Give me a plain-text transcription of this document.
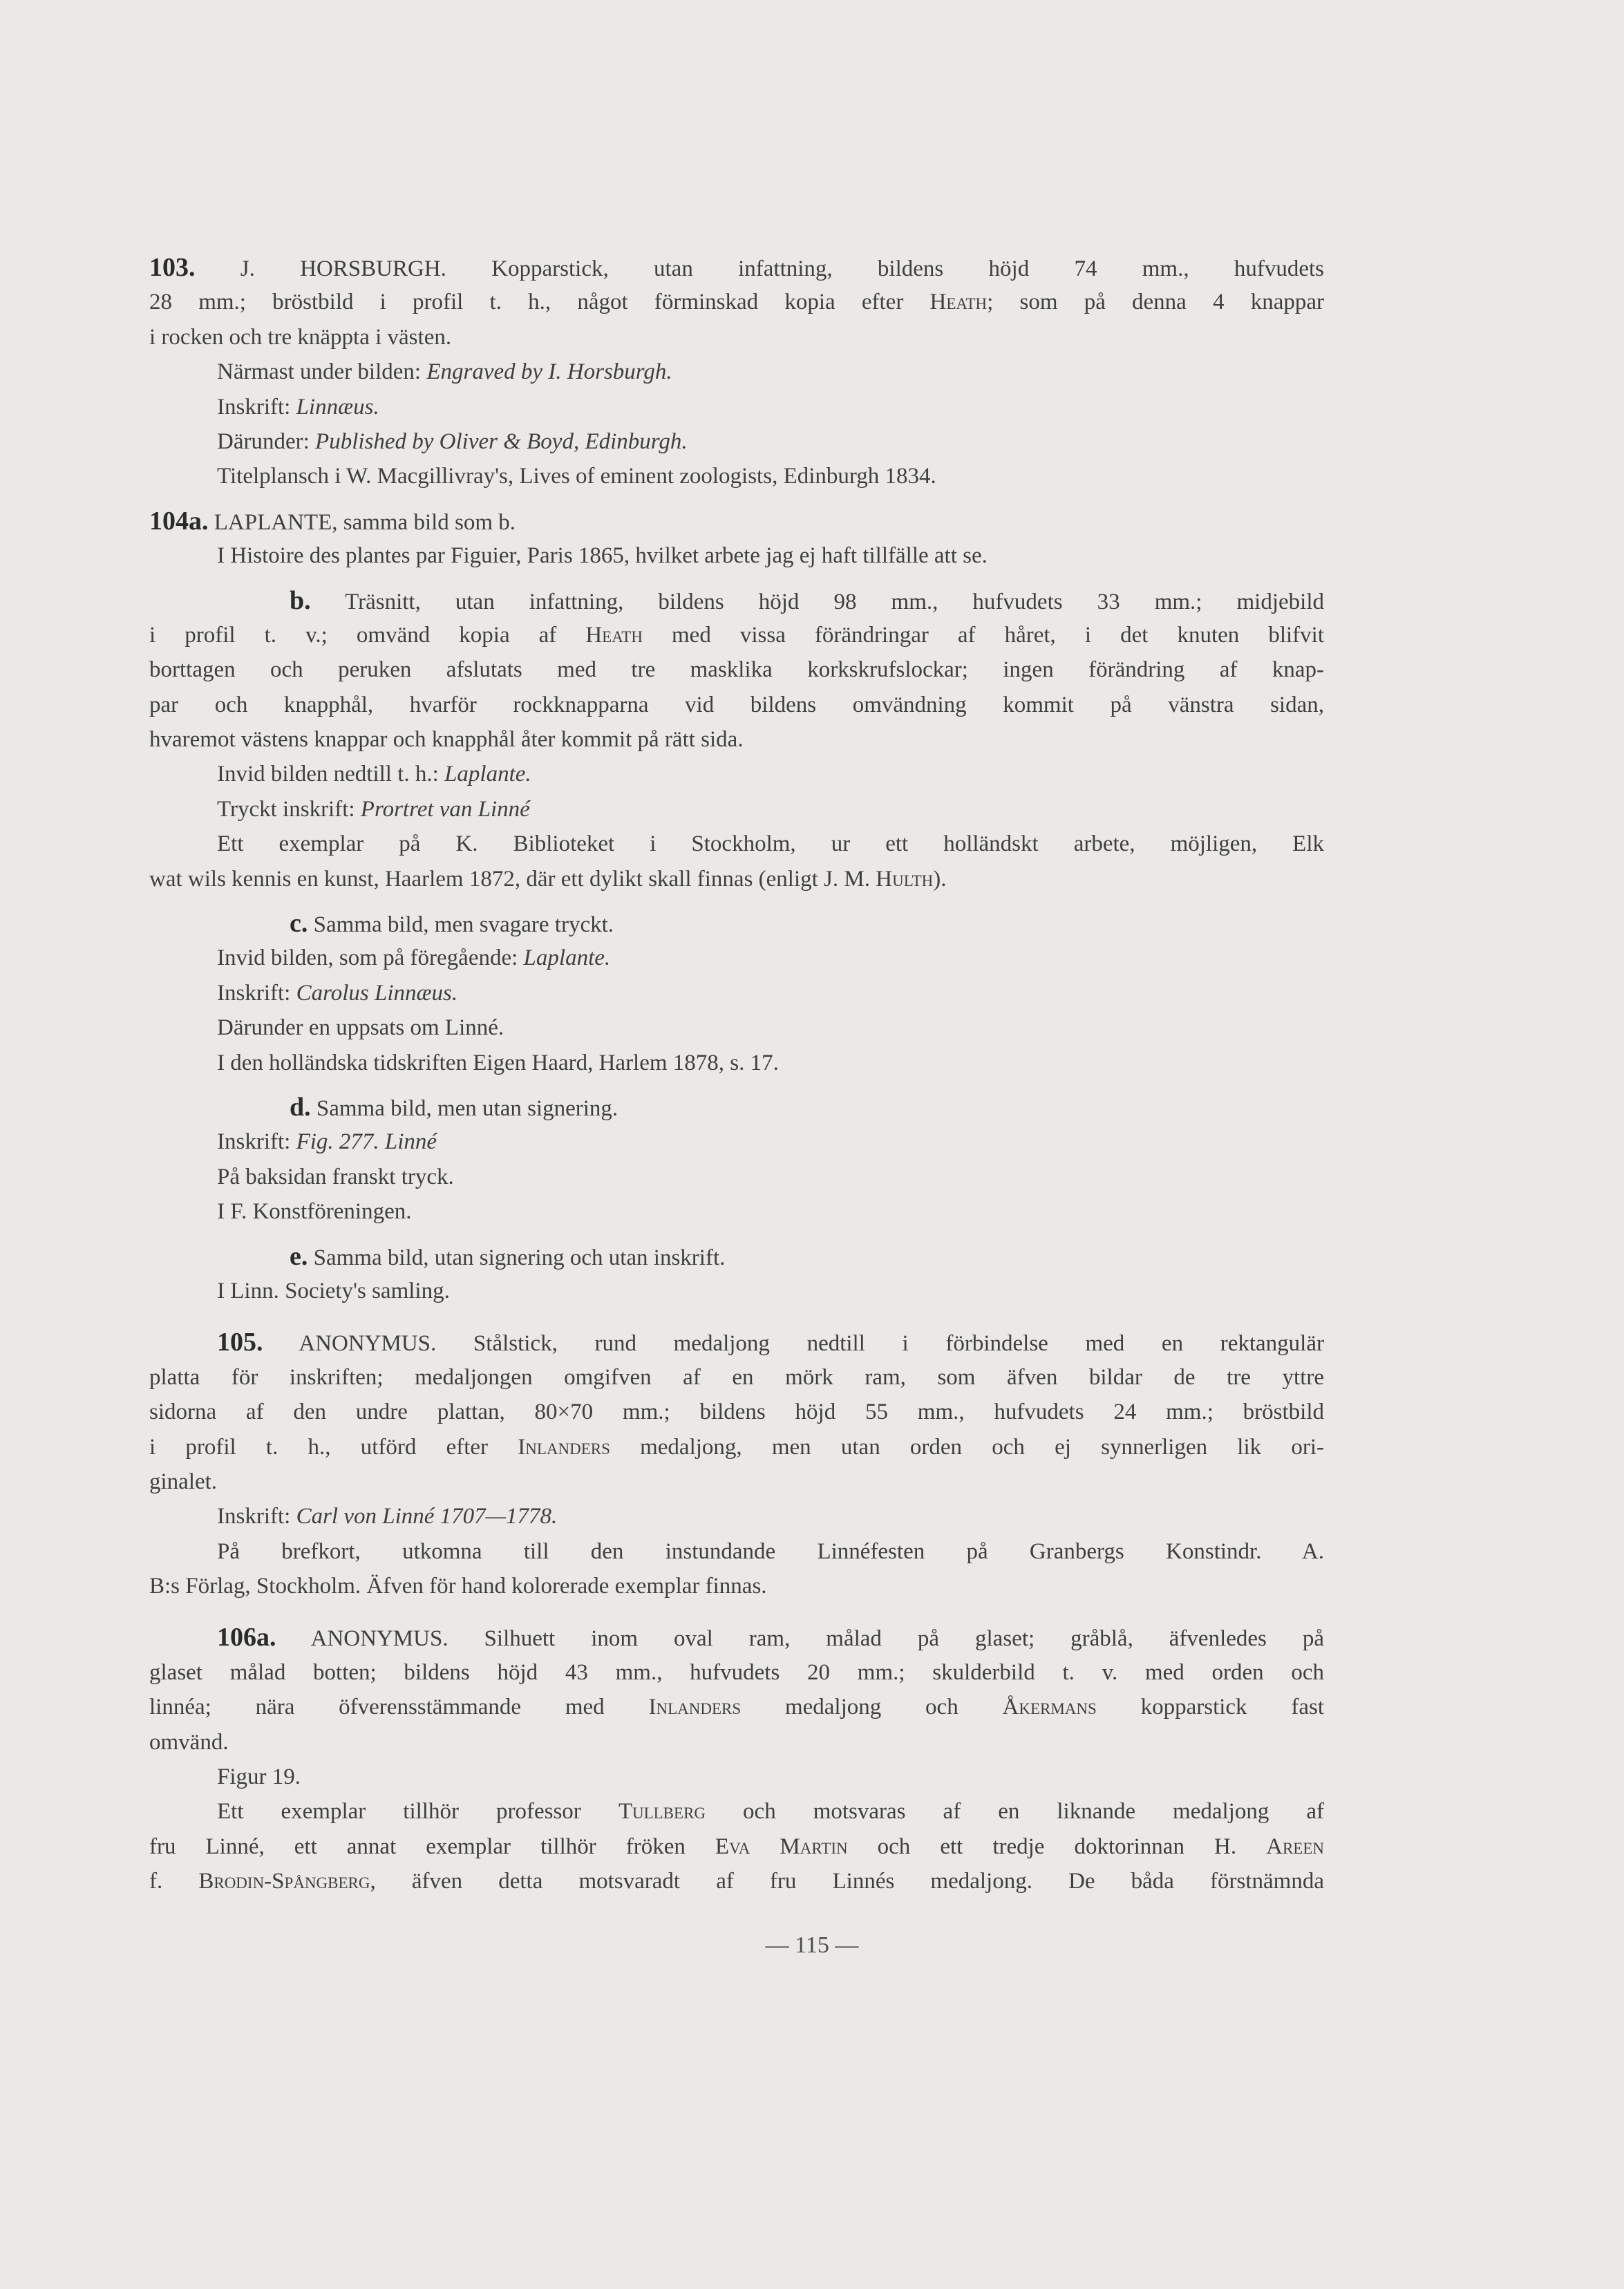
103. J. HORSBURGH. Kopparstick, utan infattning, bildens höjd 74 mm., hufvudets
28 mm.; bröstbild i profil t. h., något förminskad kopia efter Heath; som på denna 4 knappar
i rocken och tre knäppta i västen.
Närmast under bilden: Engraved by I. Horsburgh.
Inskrift: Linnæus.
Därunder: Published by Oliver & Boyd, Edinburgh.
Titelplansch i W. Macgillivray's, Lives of eminent zoologists, Edinburgh 1834.
104a. LAPLANTE, samma bild som b.
I Histoire des plantes par Figuier, Paris 1865, hvilket arbete jag ej haft tillfälle att se.
b. Träsnitt, utan infattning, bildens höjd 98 mm., hufvudets 33 mm.; midjebild
i profil t. v.; omvänd kopia af Heath med vissa förändringar af håret, i det knuten blifvit
borttagen och peruken afslutats med tre masklika korkskrufslockar; ingen förändring af knap-
par och knapphål, hvarför rockknapparna vid bildens omvändning kommit på vänstra sidan,
hvaremot västens knappar och knapphål åter kommit på rätt sida.
Invid bilden nedtill t. h.: Laplante.
Tryckt inskrift: Prortret van Linné
Ett exemplar på K. Biblioteket i Stockholm, ur ett holländskt arbete, möjligen, Elk
wat wils kennis en kunst, Haarlem 1872, där ett dylikt skall finnas (enligt J. M. Hulth).
c. Samma bild, men svagare tryckt.
Invid bilden, som på föregående: Laplante.
Inskrift: Carolus Linnæus.
Därunder en uppsats om Linné.
I den holländska tidskriften Eigen Haard, Harlem 1878, s. 17.
d. Samma bild, men utan signering.
Inskrift: Fig. 277. Linné
På baksidan franskt tryck.
I F. Konstföreningen.
e. Samma bild, utan signering och utan inskrift.
I Linn. Society's samling.
105. ANONYMUS. Stålstick, rund medaljong nedtill i förbindelse med en rektangulär
platta för inskriften; medaljongen omgifven af en mörk ram, som äfven bildar de tre yttre
sidorna af den undre plattan, 80×70 mm.; bildens höjd 55 mm., hufvudets 24 mm.; bröstbild
i profil t. h., utförd efter Inlanders medaljong, men utan orden och ej synnerligen lik ori-
ginalet.
Inskrift: Carl von Linné 1707—1778.
På brefkort, utkomna till den instundande Linnéfesten på Granbergs Konstindr. A.
B:s Förlag, Stockholm. Äfven för hand kolorerade exemplar finnas.
106a. ANONYMUS. Silhuett inom oval ram, målad på glaset; gråblå, äfvenledes på
glaset målad botten; bildens höjd 43 mm., hufvudets 20 mm.; skulderbild t. v. med orden och
linnéa; nära öfverensstämmande med Inlanders medaljong och Åkermans kopparstick fast
omvänd.
Figur 19.
Ett exemplar tillhör professor Tullberg och motsvaras af en liknande medaljong af
fru Linné, ett annat exemplar tillhör fröken Eva Martin och ett tredje doktorinnan H. Areen
f. Brodin-Spångberg, äfven detta motsvaradt af fru Linnés medaljong. De båda förstnämnda
— 115 —
